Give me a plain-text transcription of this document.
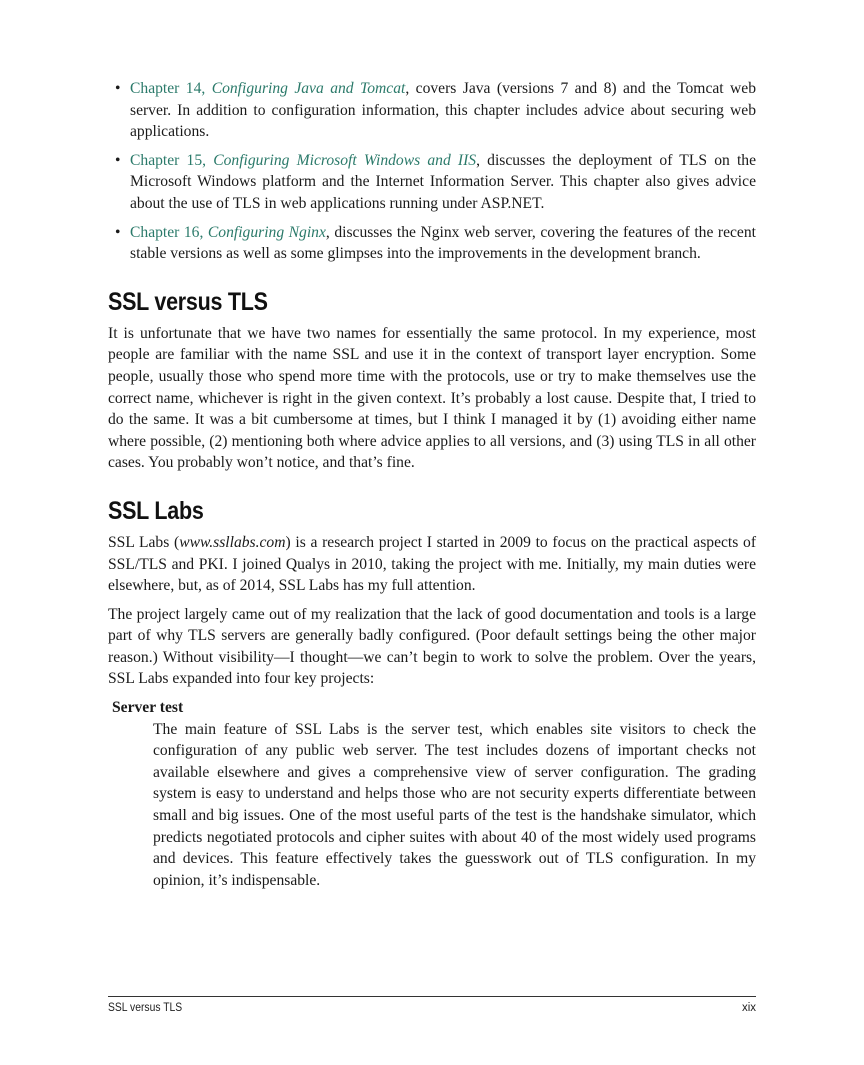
• Chapter 14, Configuring Java and Tomcat, covers Java (versions 7 and 8) and the Tomcat web server. In addition to configuration information, this chapter includes advice about securing web applications.
• Chapter 15, Configuring Microsoft Windows and IIS, discusses the deployment of TLS on the Microsoft Windows platform and the Internet Information Server. This chapter also gives advice about the use of TLS in web applications running under ASP.NET.
• Chapter 16, Configuring Nginx, discusses the Nginx web server, covering the features of the recent stable versions as well as some glimpses into the improvements in the development branch.
SSL versus TLS

It is unfortunate that we have two names for essentially the same protocol. In my experience, most people are familiar with the name SSL and use it in the context of transport layer encryption. Some people, usually those who spend more time with the protocols, use or try to make themselves use the correct name, whichever is right in the given context. It’s probably a lost cause. Despite that, I tried to do the same. It was a bit cumbersome at times, but I think I managed it by (1) avoiding either name where possible, (2) mentioning both where advice applies to all versions, and (3) using TLS in all other cases. You probably won’t notice, and that’s fine.

SSL Labs

SSL Labs (www.ssllabs.com) is a research project I started in 2009 to focus on the practical aspects of SSL/TLS and PKI. I joined Qualys in 2010, taking the project with me. Initially, my main duties were elsewhere, but, as of 2014, SSL Labs has my full attention.

The project largely came out of my realization that the lack of good documentation and tools is a large part of why TLS servers are generally badly configured. (Poor default settings being the other major reason.) Without visibility—I thought—we can’t begin to work to solve the problem. Over the years, SSL Labs expanded into four key projects:

Server test
The main feature of SSL Labs is the server test, which enables site visitors to check the configuration of any public web server. The test includes dozens of important checks not available elsewhere and gives a comprehensive view of server configuration. The grading system is easy to understand and helps those who are not security experts differentiate between small and big issues. One of the most useful parts of the test is the handshake simulator, which predicts negotiated protocols and cipher suites with about 40 of the most widely used programs and devices. This feature effectively takes the guesswork out of TLS configuration. In my opinion, it’s indispensable.
SSL versus TLS	xix
